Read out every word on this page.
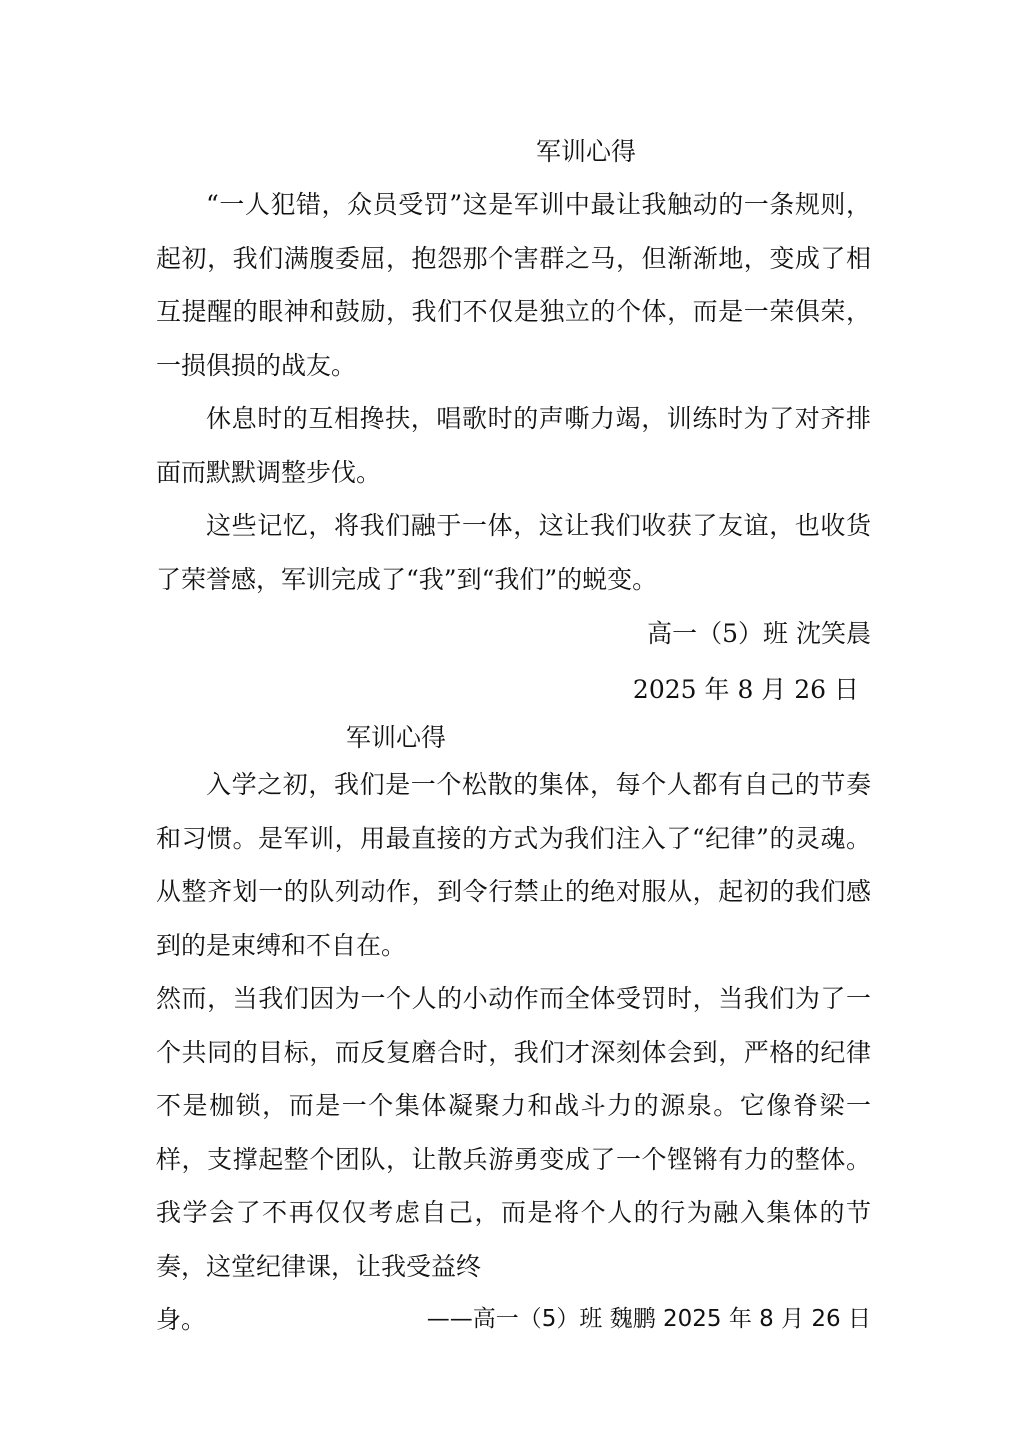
军训心得

“一人犯错，众员受罚”这是军训中最让我触动的一条规则，起初，我们满腹委屈，抱怨那个害群之马，但渐渐地，变成了相互提醒的眼神和鼓励，我们不仅是独立的个体，而是一荣俱荣，一损俱损的战友。

休息时的互相搀扶，唱歌时的声嘶力竭，训练时为了对齐排面而默默调整步伐。

这些记忆，将我们融于一体，这让我们收获了友谊，也收货了荣誉感，军训完成了“我”到“我们”的蜕变。

高一（5）班 沈笑晨
2025 年 8 月 26 日
军训心得

入学之初，我们是一个松散的集体，每个人都有自己的节奏和习惯。是军训，用最直接的方式为我们注入了“纪律”的灵魂。从整齐划一的队列动作，到令行禁止的绝对服从，起初的我们感到的是束缚和不自在。

然而，当我们因为一个人的小动作而全体受罚时，当我们为了一个共同的目标，而反复磨合时，我们才深刻体会到，严格的纪律不是枷锁，而是一个集体凝聚力和战斗力的源泉。它像脊梁一样，支撑起整个团队，让散兵游勇变成了一个铿锵有力的整体。我学会了不再仅仅考虑自己，而是将个人的行为融入集体的节奏，这堂纪律课，让我受益终

身。	——高一（5）班 魏鹏 2025 年 8 月 26 日
